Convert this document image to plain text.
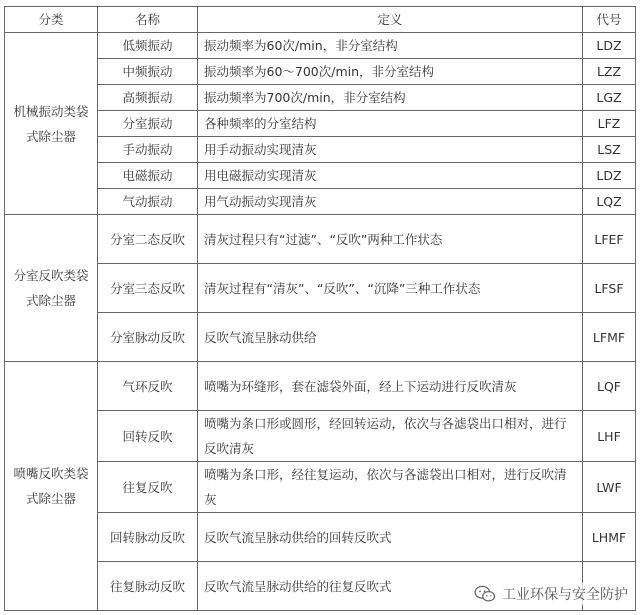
分类	名称	定义	代号
机械振动类袋式除尘器	低频振动	振动频率为60次/min，非分室结构	LDZ
	中频振动	振动频率为60～700次/min，非分室结构	LZZ
	高频振动	振动频率为700次/min，非分室结构	LGZ
	分室振动	各种频率的分室结构	LFZ
	手动振动	用手动振动实现清灰	LSZ
	电磁振动	用电磁振动实现清灰	LDZ
	气动振动	用气动振动实现清灰	LQZ
分室反吹类袋式除尘器	分室二态反吹	清灰过程只有“过滤”、“反吹”两种工作状态	LFEF
	分室三态反吹	清灰过程有“清灰”、“反吹”、“沉降”三种工作状态	LFSF
	分室脉动反吹	反吹气流呈脉动供给	LFMF
喷嘴反吹类袋式除尘器	气环反吹	喷嘴为环缝形，套在滤袋外面，经上下运动进行反吹清灰	LQF
	回转反吹	喷嘴为条口形或圆形，经回转运动，依次与各滤袋出口相对，进行反吹清灰	LHF
	往复反吹	喷嘴为条口形，经往复运动，依次与各滤袋出口相对，进行反吹清灰	LWF
	回转脉动反吹	反吹气流呈脉动供给的回转反吹式	LHMF
	往复脉动反吹	反吹气流呈脉动供给的往复反吹式	
工业环保与安全防护
